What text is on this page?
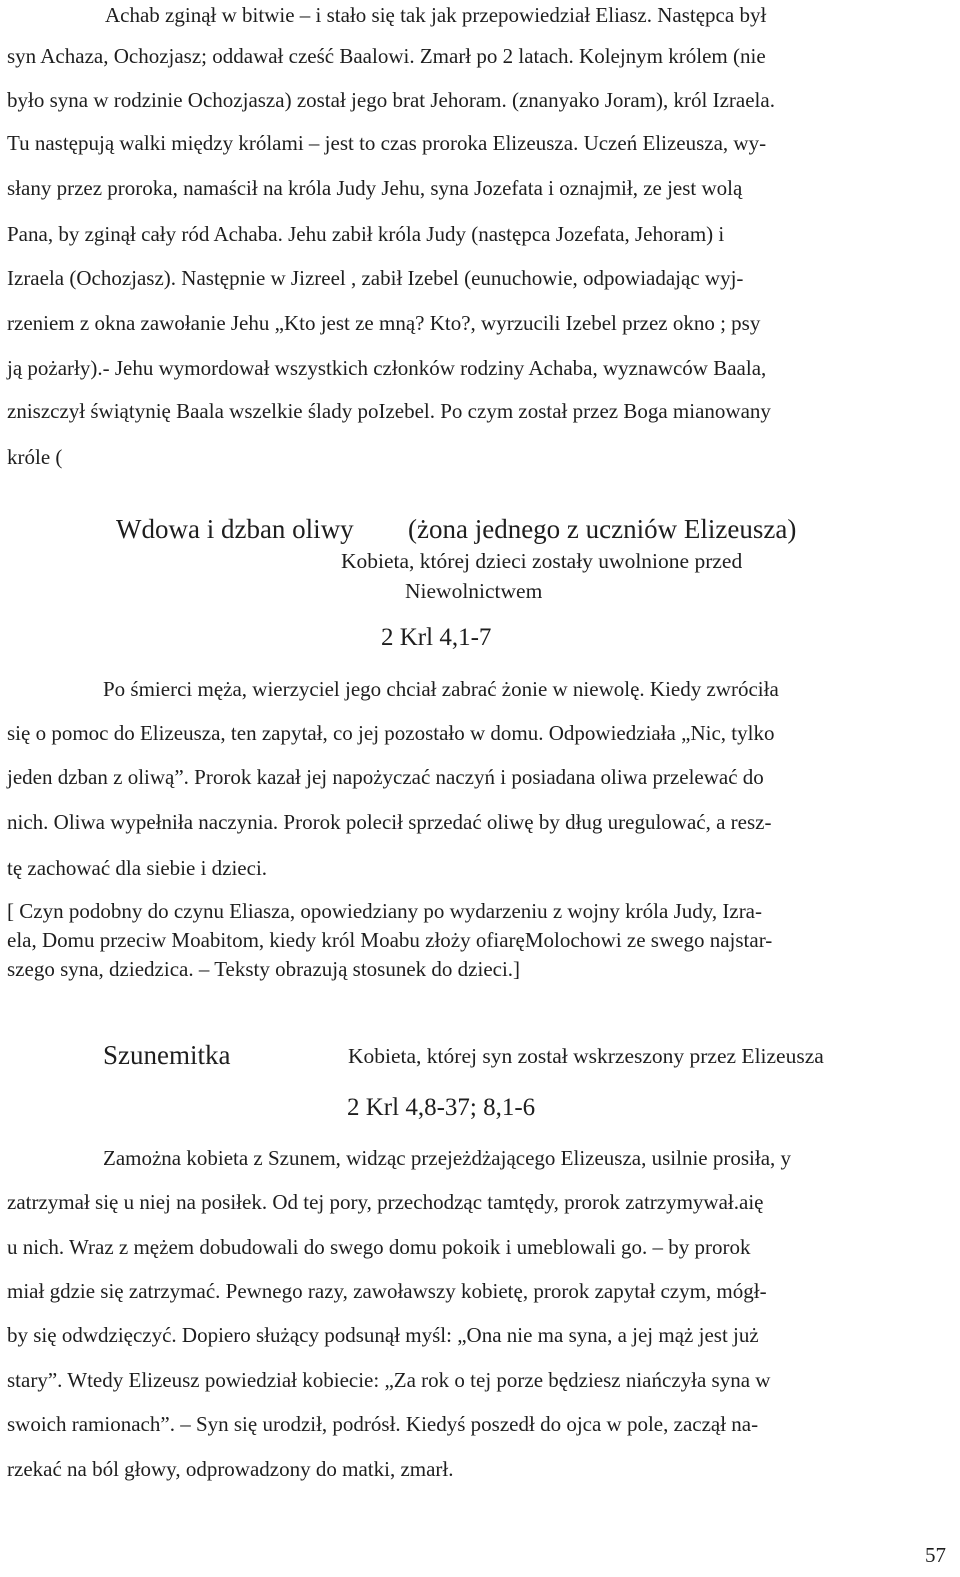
Achab zginął w bitwie – i stało się tak jak przepowiedział Eliasz. Następca był
syn Achaza, Ochozjasz; oddawał cześć Baalowi. Zmarł po 2 latach. Kolejnym królem (nie
było syna w rodzinie Ochozjasza) został jego brat Jehoram. (znanyako Joram), król Izraela.
Tu następują walki między królami – jest to czas proroka Elizeusza. Uczeń Elizeusza, wy-
słany przez proroka, namaścił na króla Judy Jehu, syna Jozefata i oznajmił, ze jest wolą
Pana, by zginął cały ród Achaba. Jehu zabił króla Judy (następca Jozefata, Jehoram) i
Izraela (Ochozjasz). Następnie w Jizreel , zabił Izebel (eunuchowie, odpowiadając wyj-
rzeniem z okna zawołanie Jehu „Kto jest ze mną? Kto?, wyrzucili Izebel przez okno ; psy
ją pożarły).- Jehu wymordował wszystkich członków rodziny Achaba, wyznawców Baala,
zniszczył świątynię Baala wszelkie ślady poIzebel. Po czym został przez Boga mianowany
króle (
Wdowa i dzban oliwy (żona jednego z uczniów Elizeusza)
Kobieta, której dzieci zostały uwolnione przed
Niewolnictwem
2 Krl 4,1-7
Po śmierci męża, wierzyciel jego chciał zabrać żonie w niewolę. Kiedy zwróciła
się o pomoc do Elizeusza, ten zapytał, co jej pozostało w domu. Odpowiedziała „Nic, tylko
jeden dzban z oliwą”. Prorok kazał jej napożyczać naczyń i posiadana oliwa przelewać do
nich. Oliwa wypełniła naczynia. Prorok polecił sprzedać oliwę by dług uregulować, a resz-
tę zachować dla siebie i dzieci.
[ Czyn podobny do czynu Eliasza, opowiedziany po wydarzeniu z wojny króla Judy, Izra-
ela, Domu przeciw Moabitom, kiedy król Moabu złoży ofiaręMolochowi ze swego najstar-
szego syna, dziedzica. – Teksty obrazują stosunek do dzieci.]
Szunemitka	Kobieta, której syn został wskrzeszony przez Elizeusza
2 Krl 4,8-37; 8,1-6
Zamożna kobieta z Szunem, widząc przejeżdżającego Elizeusza, usilnie prosiła, y
zatrzymał się u niej na posiłek. Od tej pory, przechodząc tamtędy, prorok zatrzymywał.aię
u nich. Wraz z mężem dobudowali do swego domu pokoik i umeblowali go. – by prorok
miał gdzie się zatrzymać. Pewnego razy, zawoławszy kobietę, prorok zapytał czym, mógł-
by się odwdzięczyć. Dopiero służący podsunął myśl: „Ona nie ma syna, a jej mąż jest już
stary”. Wtedy Elizeusz powiedział kobiecie: „Za rok o tej porze będziesz niańczyła syna w
swoich ramionach”. – Syn się urodził, podrósł. Kiedyś poszedł do ojca w pole, zaczął na-
rzekać na ból głowy, odprowadzony do matki, zmarł.
57
